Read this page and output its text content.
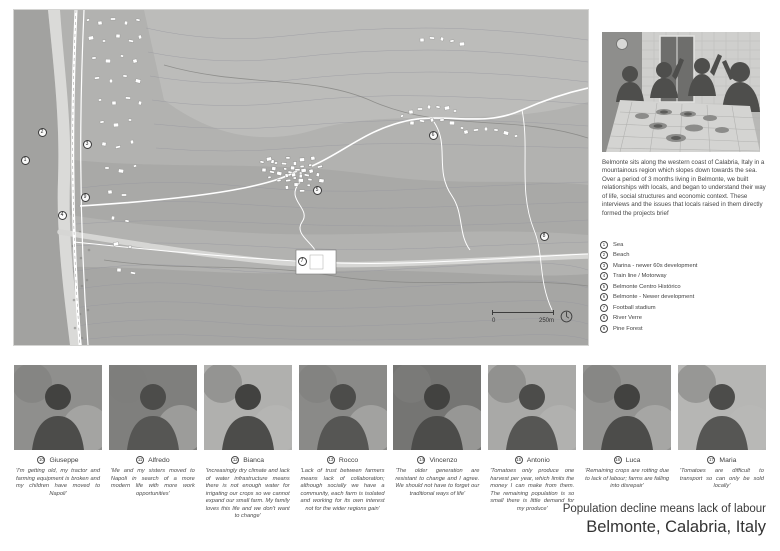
1
2
3
4
5
6
7
8
9
0	250m

Belmonte sits along the western coast of Calabria, Italy in a mountainous region which slopes down towards the sea. Over a period of 3 months living in Belmonte, we built relationships with locals, and began to understand their way of life, social structures and economic context. These interviews and the issues that locals raised in them directly formed the projects brief

1	Sea
2	Beach
3	Marina - newer 60s development
4	Train line / Motorway
5	Belmonte Centro Histórico
6	Belmonte - Newer development
7	Football stadium
8	River Verre
9	Pine Forest
10 Giuseppe

'I'm getting old, my tractor and farming equipment is broken and my children have moved to Napoli'

11 Alfredo

'Me and my sisters moved to Napoli in search of a more modern life with more work opportunities'

12 Bianca

'Increasingly dry climate and lack of water infrastructure means there is not enough water for irrigating our crops so we cannot expand our small farm. My family loves this life and we don't want to change'

13 Rocco

'Lack of trust between farmers means lack of collaboration; although socially we have a community, each farm is isolated and working for its own interest not for the wider regions gain'

14 Vincenzo

'The older generation are resistant to change and I agree. We should not have to forget our traditional ways of life'

15 Antonio

'Tomatoes only produce one harvest per year, which limits the money I can make from them. The remaining population is so small there is little demand for my produce'

16 Luca

'Remaining crops are rotting due to lack of labour; farms are falling into disrepair'

17 Maria

'Tomatoes are difficult to transport so can only be sold locally'

Population decline means lack of labour
Belmonte, Calabria, Italy
